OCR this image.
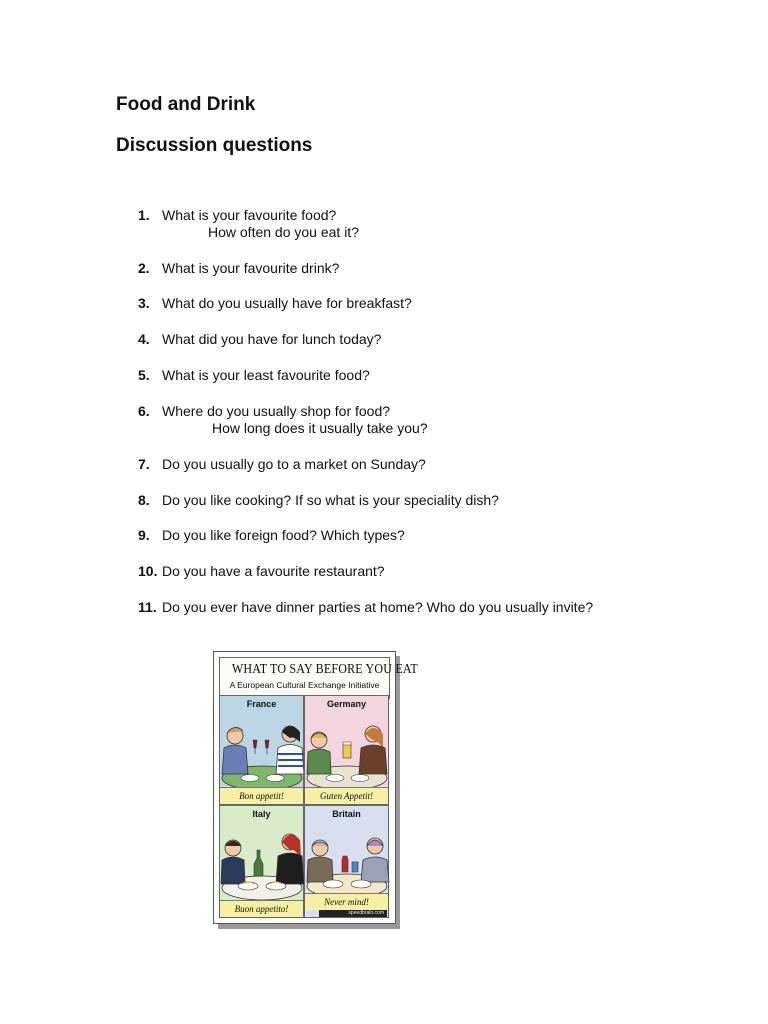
Food and Drink
Discussion questions
1. What is your favourite food?
How often do you eat it?
2. What is your favourite drink?
3. What do you usually have for breakfast?
4. What did you have for lunch today?
5. What is your least favourite food?
6. Where do you usually shop for food?
How long does it usually take you?
7. Do you usually go to a market on Sunday?
8. Do you like cooking? If so what is your speciality dish?
9. Do you like foreign food? Which types?
10. Do you have a favourite restaurant?
11. Do you ever have dinner parties at home? Who do you usually invite?
WHAT TO SAY BEFORE YOU EAT
A European Cultural Exchange Initiative
France
Bon appetit!
Germany
Guten Appetit!
Italy
Buon appetito!
Britain
Never mind!
speedbrain.com
